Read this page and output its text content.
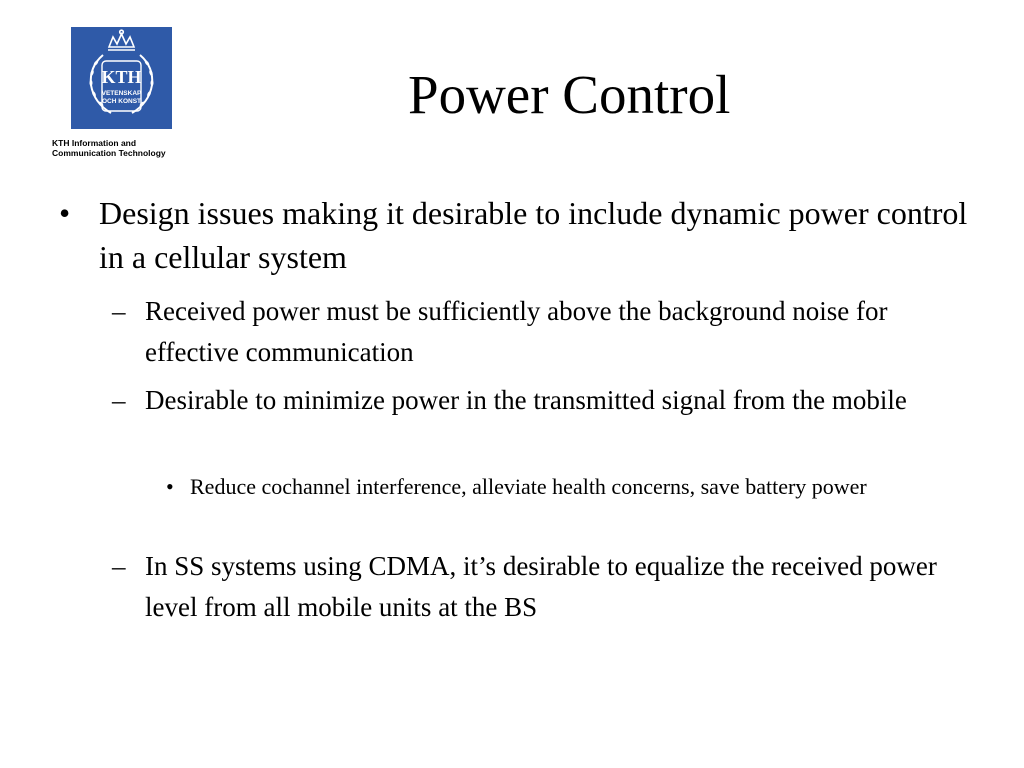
KTH
VETENSKAP
OCH KONST
KTH Information and
Communication Technology
Power Control
• Design issues making it desirable to include dynamic power control in a cellular system
– Received power must be sufficiently above the background noise for effective communication
– Desirable to minimize power in the transmitted signal from the mobile
• Reduce cochannel interference, alleviate health concerns, save battery power
– In SS systems using CDMA, it’s desirable to equalize the received power level from all mobile units at the BS
